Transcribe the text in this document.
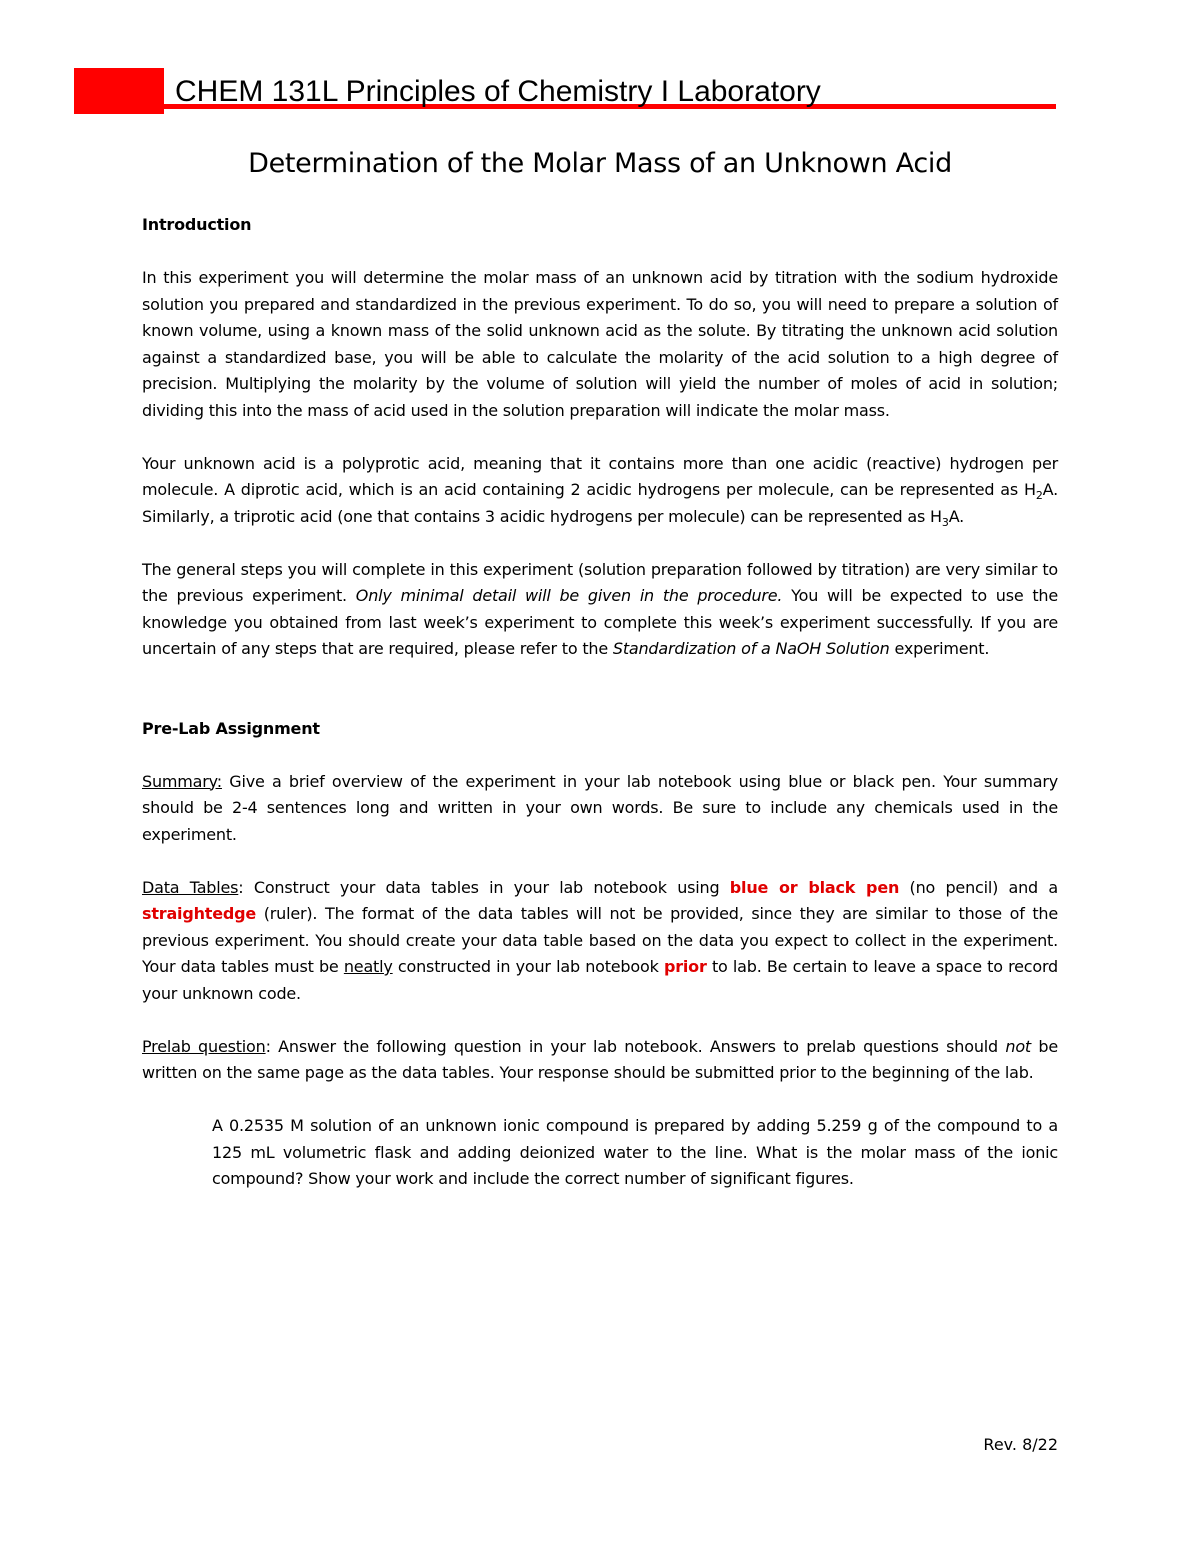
CHEM 131L Principles of Chemistry I Laboratory
Determination of the Molar Mass of an Unknown Acid

Introduction

In this experiment you will determine the molar mass of an unknown acid by titration with the sodium hydroxide solution you prepared and standardized in the previous experiment. To do so, you will need to prepare a solution of known volume, using a known mass of the solid unknown acid as the solute. By titrating the unknown acid solution against a standardized base, you will be able to calculate the molarity of the acid solution to a high degree of precision. Multiplying the molarity by the volume of solution will yield the number of moles of acid in solution; dividing this into the mass of acid used in the solution preparation will indicate the molar mass.

Your unknown acid is a polyprotic acid, meaning that it contains more than one acidic (reactive) hydrogen per molecule. A diprotic acid, which is an acid containing 2 acidic hydrogens per molecule, can be represented as $H_2A$. Similarly, a triprotic acid (one that contains 3 acidic hydrogens per molecule) can be represented as $H_3A$.

The general steps you will complete in this experiment (solution preparation followed by titration) are very similar to the previous experiment. Only minimal detail will be given in the procedure. You will be expected to use the knowledge you obtained from last week’s experiment to complete this week’s experiment successfully. If you are uncertain of any steps that are required, please refer to the Standardization of a NaOH Solution experiment.

Pre-Lab Assignment

Summary: Give a brief overview of the experiment in your lab notebook using blue or black pen. Your summary should be 2-4 sentences long and written in your own words. Be sure to include any chemicals used in the experiment.

Data Tables: Construct your data tables in your lab notebook using blue or black pen (no pencil) and a straightedge (ruler). The format of the data tables will not be provided, since they are similar to those of the previous experiment. You should create your data table based on the data you expect to collect in the experiment. Your data tables must be neatly constructed in your lab notebook prior to lab. Be certain to leave a space to record your unknown code.

Prelab question: Answer the following question in your lab notebook. Answers to prelab questions should not be written on the same page as the data tables. Your response should be submitted prior to the beginning of the lab.

A 0.2535 M solution of an unknown ionic compound is prepared by adding 5.259 g of the compound to a 125 mL volumetric flask and adding deionized water to the line. What is the molar mass of the ionic compound? Show your work and include the correct number of significant figures.

Rev. 8/22
